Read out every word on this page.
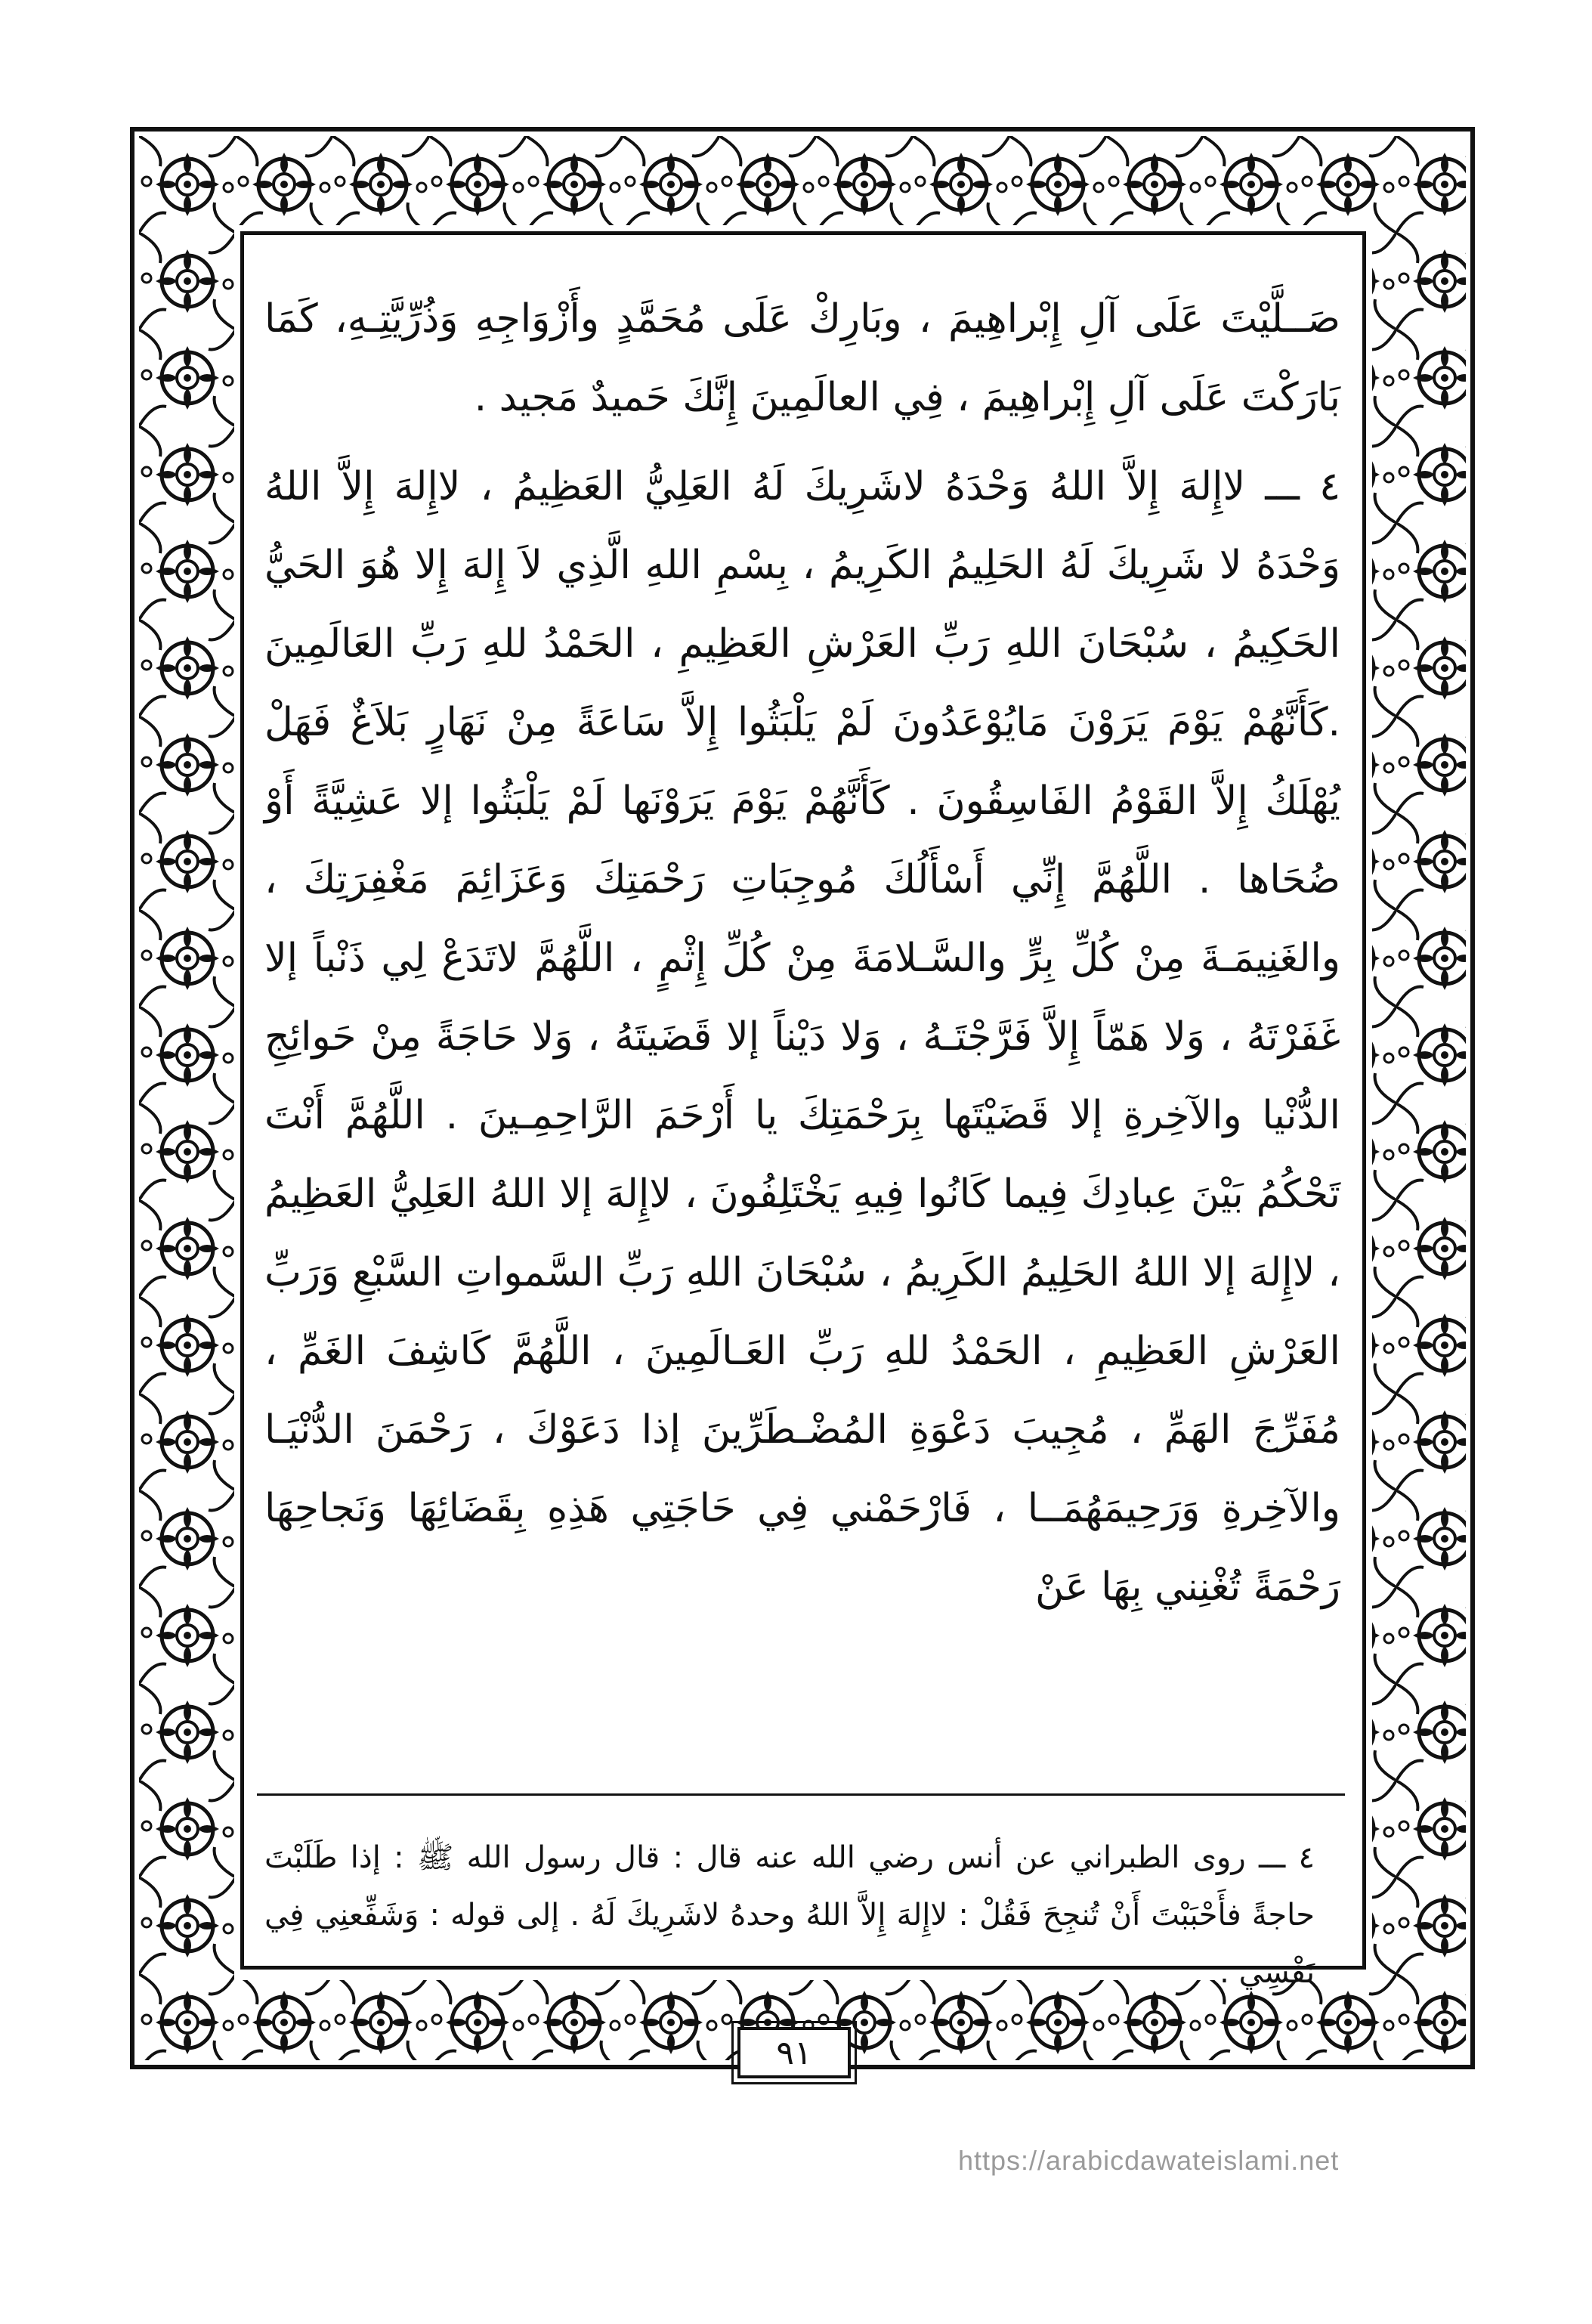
صَــلَّيْتَ عَلَى آلِ إِبْراهِيمَ ، وبَارِكْ عَلَى مُحَمَّدٍ وأَزْوَاجِهِ وَذُرِّيَّتِـهِ، كَمَا بَارَكْتَ عَلَى آلِ إِبْراهِيمَ ، فِي العالَمِينَ إِنَّكَ حَميدٌ مَجيد .

٤ ـــ لاإِلهَ إِلاَّ اللهُ وَحْدَهُ لاشَرِيكَ لَهُ العَلِيُّ العَظِيمُ ، لاإِلهَ إِلاَّ اللهُ وَحْدَهُ لا شَرِيكَ لَهُ الحَلِيمُ الكَرِيمُ ، بِسْمِ اللهِ الَّذِي لاَ إِلهَ إِلا هُوَ الحَيُّ الحَكِيمُ ، سُبْحَانَ اللهِ رَبِّ العَرْشِ العَظِيمِ ، الحَمْدُ للهِ رَبِّ العَالَمِينَ .كَأَنَّهُمْ يَوْمَ يَرَوْنَ مَايُوْعَدُونَ لَمْ يَلْبَثُوا إِلاَّ سَاعَةً مِنْ نَهَارٍ بَلاَغٌ فَهَلْ يُهْلَكُ إِلاَّ القَوْمُ الفَاسِقُونَ . كَأَنَّهُمْ يَوْمَ يَرَوْنَها لَمْ يَلْبَثُوا إلا عَشِيَّةً أَوْ ضُحَاها . اللَّهُمَّ إِنِّي أَسْأَلُكَ مُوجِبَاتِ رَحْمَتِكَ وَعَزَائِمَ مَغْفِرَتِكَ ، والغَنِيمَـةَ مِنْ كُلِّ بِرٍّ والسَّـلامَةَ مِنْ كُلِّ إِثْمٍ ، اللَّهُمَّ لاتَدَعْ لِي ذَنْباً إلا غَفَرْتَهُ ، وَلا هَمّاً إِلاَّ فَرَّجْتَـهُ ، وَلا دَيْناً إلا قَضَيتَهُ ، وَلا حَاجَةً مِنْ حَوائِجِ الدُّنْيا والآخِرةِ إلا قَضَيْتَها بِرَحْمَتِكَ يا أَرْحَمَ الرَّاحِمِـينَ . اللَّهُمَّ أَنْتَ تَحْكُمُ بَيْنَ عِبادِكَ فِيما كَانُوا فِيهِ يَخْتَلِفُونَ ، لاإِلهَ إلا اللهُ العَلِيُّ العَظِيمُ ، لاإِلهَ إلا اللهُ الحَلِيمُ الكَرِيمُ ، سُبْحَانَ اللهِ رَبِّ السَّمواتِ السَّبْعِ وَرَبِّ العَرْشِ العَظِيمِ ، الحَمْدُ للهِ رَبِّ العَـالَمِينَ ، اللَّهُمَّ كَاشِفَ الغَمِّ ، مُفَرِّجَ الهَمِّ ، مُجِيبَ دَعْوَةِ المُضْـطَرِّينَ إذا دَعَوْكَ ، رَحْمَنَ الدُّنْيَـا والآخِرةِ وَرَحِيمَهُمَــا ، فَارْحَمْني فِي حَاجَتِي هَذِهِ بِقَضَائِهَا وَنَجاحِهَا رَحْمَةً تُغْنِني بِهَا عَنْ

٤ ـــ روى الطبراني عن أنس رضي الله عنه قال : قال رسول الله ﷺ : إذا طَلَبْتَ حاجةً فأَحْبَبْتَ أَنْ تُنجِحَ فَقُلْ : لاإِلهَ إِلاَّ اللهُ وحدهُ لاشَرِيكَ لَهُ . إلى قوله : وَشَفِّعنِي فِي نَفْسِي .

٩١
https://arabicdawateislami.net
